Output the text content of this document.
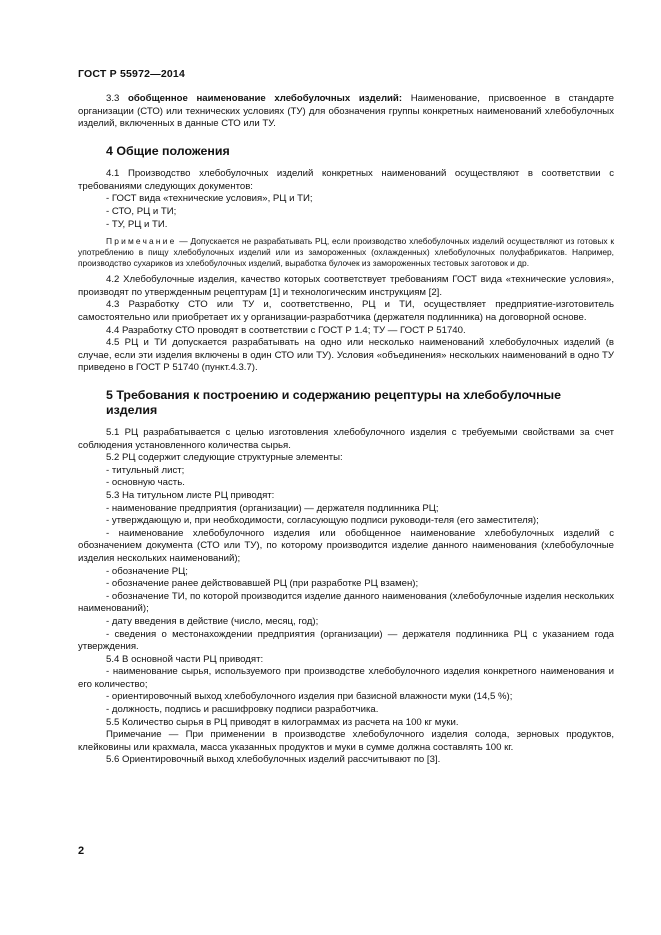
ГОСТ Р 55972—2014

3.3 обобщенное наименование хлебобулочных изделий: Наименование, присвоенное в стандарте организации (СТО) или технических условиях (ТУ) для обозначения группы конкретных наименований хлебобулочных изделий, включенных в данные СТО или ТУ.

4 Общие положения

4.1 Производство хлебобулочных изделий конкретных наименований осуществляют в соответствии с требованиями следующих документов:

- ГОСТ вида «технические условия», РЦ и ТИ;

- СТО, РЦ и ТИ;

- ТУ, РЦ и ТИ.

Примечание — Допускается не разрабатывать РЦ, если производство хлебобулочных изделий осуществляют из готовых к употреблению в пищу хлебобулочных изделий или из замороженных (охлажденных) хлебобулочных полуфабрикатов. Например, производство сухариков из хлебобулочных изделий, выработка булочек из замороженных тестовых заготовок и др.

4.2 Хлебобулочные изделия, качество которых соответствует требованиям ГОСТ вида «технические условия», производят по утвержденным рецептурам [1] и технологическим инструкциям [2].

4.3 Разработку СТО или ТУ и, соответственно, РЦ и ТИ, осуществляет предприятие-изготовитель самостоятельно или приобретает их у организации-разработчика (держателя подлинника) на договорной основе.

4.4 Разработку СТО проводят в соответствии с ГОСТ Р 1.4; ТУ — ГОСТ Р 51740.

4.5 РЦ и ТИ допускается разрабатывать на одно или несколько наименований хлебобулочных изделий (в случае, если эти изделия включены в один СТО или ТУ). Условия «объединения» нескольких наименований в одно ТУ приведено в ГОСТ Р 51740 (пункт.4.3.7).

5 Требования к построению и содержанию рецептуры на хлебобулочные изделия

5.1 РЦ разрабатывается с целью изготовления хлебобулочного изделия с требуемыми свойствами за счет соблюдения установленного количества сырья.

5.2 РЦ содержит следующие структурные элементы:

- титульный лист;

- основную часть.

5.3 На титульном листе РЦ приводят:

- наименование предприятия (организации) — держателя подлинника РЦ;

- утверждающую и, при необходимости, согласующую подписи руководи-теля (его заместителя);

- наименование хлебобулочного изделия или обобщенное наименование хлебобулочных изделий с обозначением документа (СТО или ТУ), по которому производится изделие данного наименования (хлебобулочные изделия нескольких наименований);

- обозначение РЦ;

- обозначение ранее действовавшей РЦ (при разработке РЦ взамен);

- обозначение ТИ, по которой производится изделие данного наименования (хлебобулочные изделия нескольких наименований);

- дату введения в действие (число, месяц, год);

- сведения о местонахождении предприятия (организации) — держателя подлинника РЦ с указанием года утверждения.

5.4 В основной части РЦ приводят:

- наименование сырья, используемого при производстве хлебобулочного изделия конкретного наименования и его количество;

- ориентировочный выход хлебобулочного изделия при базисной влажности муки (14,5 %);

- должность, подпись и расшифровку подписи разработчика.

5.5 Количество сырья в РЦ приводят в килограммах из расчета на 100 кг муки.

Примечание — При применении в производстве хлебобулочного изделия солода, зерновых продуктов, клейковины или крахмала, масса указанных продуктов и муки в сумме должна составлять 100 кг.

5.6 Ориентировочный выход хлебобулочных изделий рассчитывают по [3].

2
